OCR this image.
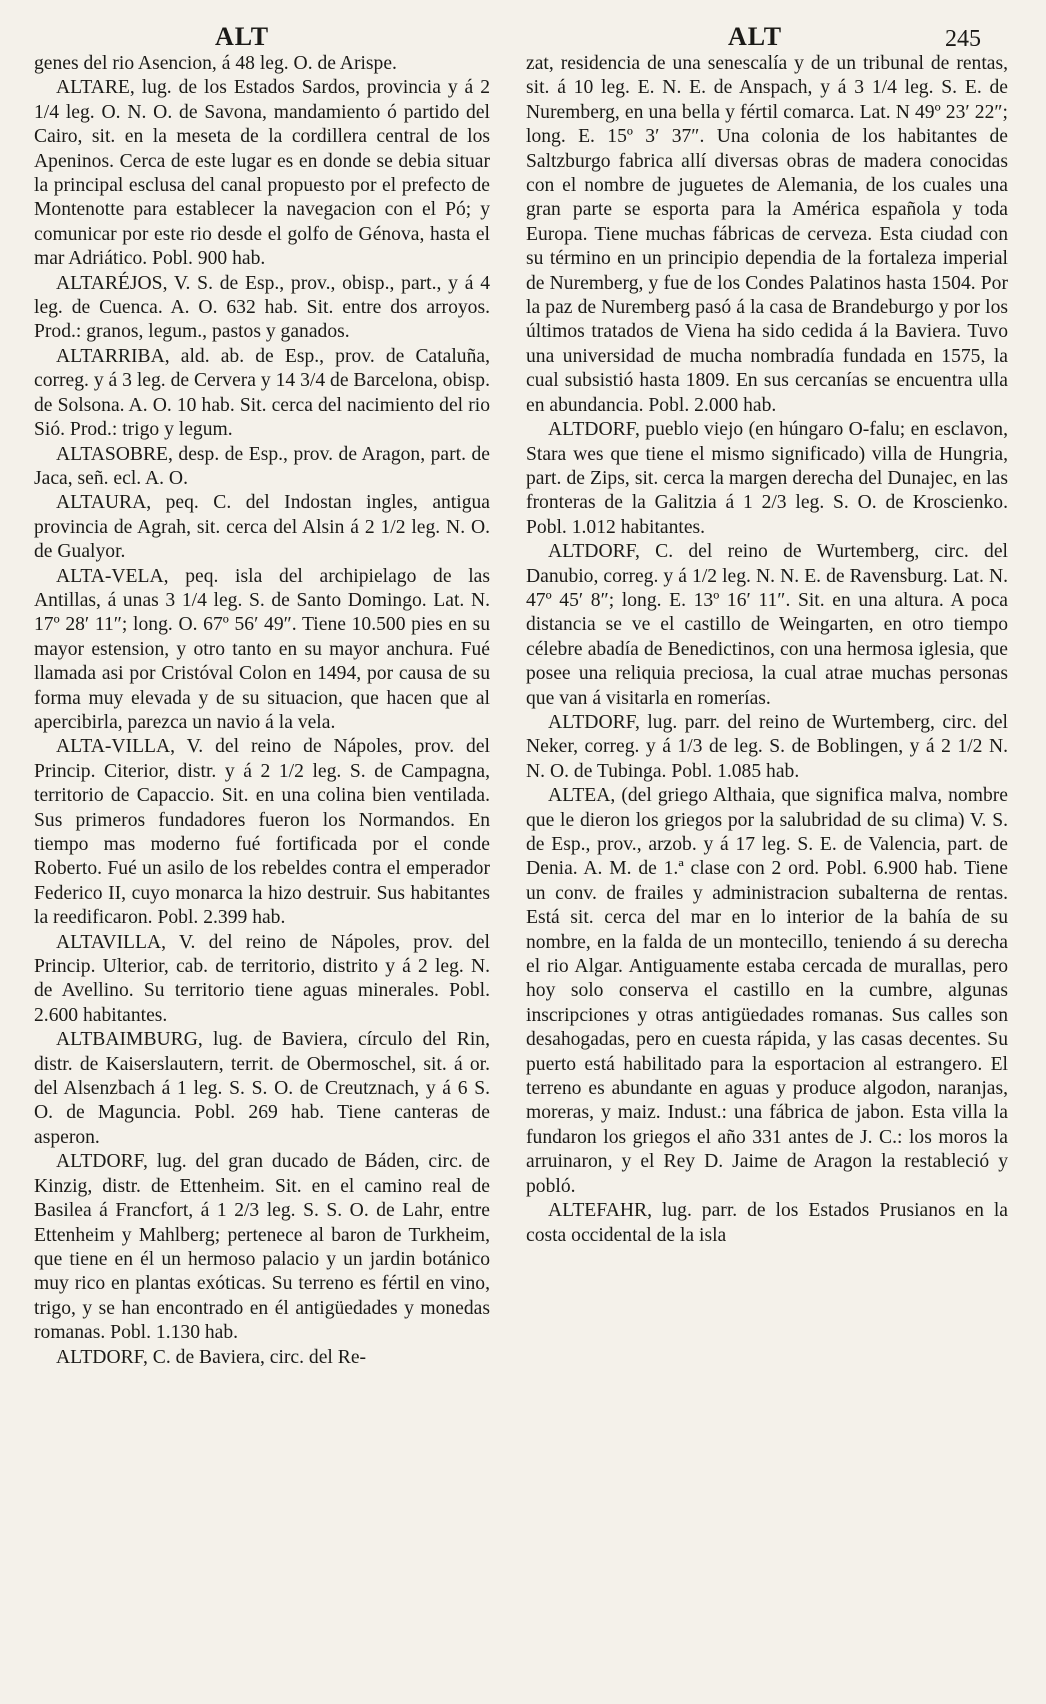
ALT	ALT	245

genes del rio Asencion, á 48 leg. O. de Arispe.

ALTARE, lug. de los Estados Sardos, provincia y á 2 1/4 leg. O. N. O. de Savona, mandamiento ó partido del Cairo, sit. en la meseta de la cordillera central de los Apeninos. Cerca de este lugar es en donde se debia situar la principal esclusa del canal propuesto por el prefecto de Montenotte para establecer la navegacion con el Pó; y comunicar por este rio desde el golfo de Génova, hasta el mar Adriático. Pobl. 900 hab.

ALTARÉJOS, V. S. de Esp., prov., obisp., part., y á 4 leg. de Cuenca. A. O. 632 hab. Sit. entre dos arroyos. Prod.: granos, legum., pastos y ganados.

ALTARRIBA, ald. ab. de Esp., prov. de Cataluña, correg. y á 3 leg. de Cervera y 14 3/4 de Barcelona, obisp. de Solsona. A. O. 10 hab. Sit. cerca del nacimiento del rio Sió. Prod.: trigo y legum.

ALTASOBRE, desp. de Esp., prov. de Aragon, part. de Jaca, señ. ecl. A. O.

ALTAURA, peq. C. del Indostan ingles, antigua provincia de Agrah, sit. cerca del Alsin á 2 1/2 leg. N. O. de Gualyor.

ALTA-VELA, peq. isla del archipielago de las Antillas, á unas 3 1/4 leg. S. de Santo Domingo. Lat. N. 17º 28′ 11″; long. O. 67º 56′ 49″. Tiene 10.500 pies en su mayor estension, y otro tanto en su mayor anchura. Fué llamada asi por Cristóval Colon en 1494, por causa de su forma muy elevada y de su situacion, que hacen que al apercibirla, parezca un navio á la vela.

ALTA-VILLA, V. del reino de Nápoles, prov. del Princip. Citerior, distr. y á 2 1/2 leg. S. de Campagna, territorio de Capaccio. Sit. en una colina bien ventilada. Sus primeros fundadores fueron los Normandos. En tiempo mas moderno fué fortificada por el conde Roberto. Fué un asilo de los rebeldes contra el emperador Federico II, cuyo monarca la hizo destruir. Sus habitantes la reedificaron. Pobl. 2.399 hab.

ALTAVILLA, V. del reino de Nápoles, prov. del Princip. Ulterior, cab. de territorio, distrito y á 2 leg. N. de Avellino. Su territorio tiene aguas minerales. Pobl. 2.600 habitantes.

ALTBAIMBURG, lug. de Baviera, círculo del Rin, distr. de Kaiserslautern, territ. de Obermoschel, sit. á or. del Alsenzbach á 1 leg. S. S. O. de Creutznach, y á 6 S. O. de Maguncia. Pobl. 269 hab. Tiene canteras de asperon.

ALTDORF, lug. del gran ducado de Báden, circ. de Kinzig, distr. de Ettenheim. Sit. en el camino real de Basilea á Francfort, á 1 2/3 leg. S. S. O. de Lahr, entre Ettenheim y Mahlberg; pertenece al baron de Turkheim, que tiene en él un hermoso palacio y un jardin botánico muy rico en plantas exóticas. Su terreno es fértil en vino, trigo, y se han encontrado en él antigüedades y monedas romanas. Pobl. 1.130 hab.

ALTDORF, C. de Baviera, circ. del Re-

zat, residencia de una senescalía y de un tribunal de rentas, sit. á 10 leg. E. N. E. de Anspach, y á 3 1/4 leg. S. E. de Nuremberg, en una bella y fértil comarca. Lat. N 49º 23′ 22″; long. E. 15º 3′ 37″. Una colonia de los habitantes de Saltzburgo fabrica allí diversas obras de madera conocidas con el nombre de juguetes de Alemania, de los cuales una gran parte se esporta para la América española y toda Europa. Tiene muchas fábricas de cerveza. Esta ciudad con su término en un principio dependia de la fortaleza imperial de Nuremberg, y fue de los Condes Palatinos hasta 1504. Por la paz de Nuremberg pasó á la casa de Brandeburgo y por los últimos tratados de Viena ha sido cedida á la Baviera. Tuvo una universidad de mucha nombradía fundada en 1575, la cual subsistió hasta 1809. En sus cercanías se encuentra ulla en abundancia. Pobl. 2.000 hab.

ALTDORF, pueblo viejo (en húngaro O-falu; en esclavon, Stara wes que tiene el mismo significado) villa de Hungria, part. de Zips, sit. cerca la margen derecha del Dunajec, en las fronteras de la Galitzia á 1 2/3 leg. S. O. de Kroscienko. Pobl. 1.012 habitantes.

ALTDORF, C. del reino de Wurtemberg, circ. del Danubio, correg. y á 1/2 leg. N. N. E. de Ravensburg. Lat. N. 47º 45′ 8″; long. E. 13º 16′ 11″. Sit. en una altura. A poca distancia se ve el castillo de Weingarten, en otro tiempo célebre abadía de Benedictinos, con una hermosa iglesia, que posee una reliquia preciosa, la cual atrae muchas personas que van á visitarla en romerías.

ALTDORF, lug. parr. del reino de Wurtemberg, circ. del Neker, correg. y á 1/3 de leg. S. de Boblingen, y á 2 1/2 N. N. O. de Tubinga. Pobl. 1.085 hab.

ALTEA, (del griego Althaia, que significa malva, nombre que le dieron los griegos por la salubridad de su clima) V. S. de Esp., prov., arzob. y á 17 leg. S. E. de Valencia, part. de Denia. A. M. de 1.ª clase con 2 ord. Pobl. 6.900 hab. Tiene un conv. de frailes y administracion subalterna de rentas. Está sit. cerca del mar en lo interior de la bahía de su nombre, en la falda de un montecillo, teniendo á su derecha el rio Algar. Antiguamente estaba cercada de murallas, pero hoy solo conserva el castillo en la cumbre, algunas inscripciones y otras antigüedades romanas. Sus calles son desahogadas, pero en cuesta rápida, y las casas decentes. Su puerto está habilitado para la esportacion al estrangero. El terreno es abundante en aguas y produce algodon, naranjas, moreras, y maiz. Indust.: una fábrica de jabon. Esta villa la fundaron los griegos el año 331 antes de J. C.: los moros la arruinaron, y el Rey D. Jaime de Aragon la restableció y pobló.

ALTEFAHR, lug. parr. de los Estados Prusianos en la costa occidental de la isla
